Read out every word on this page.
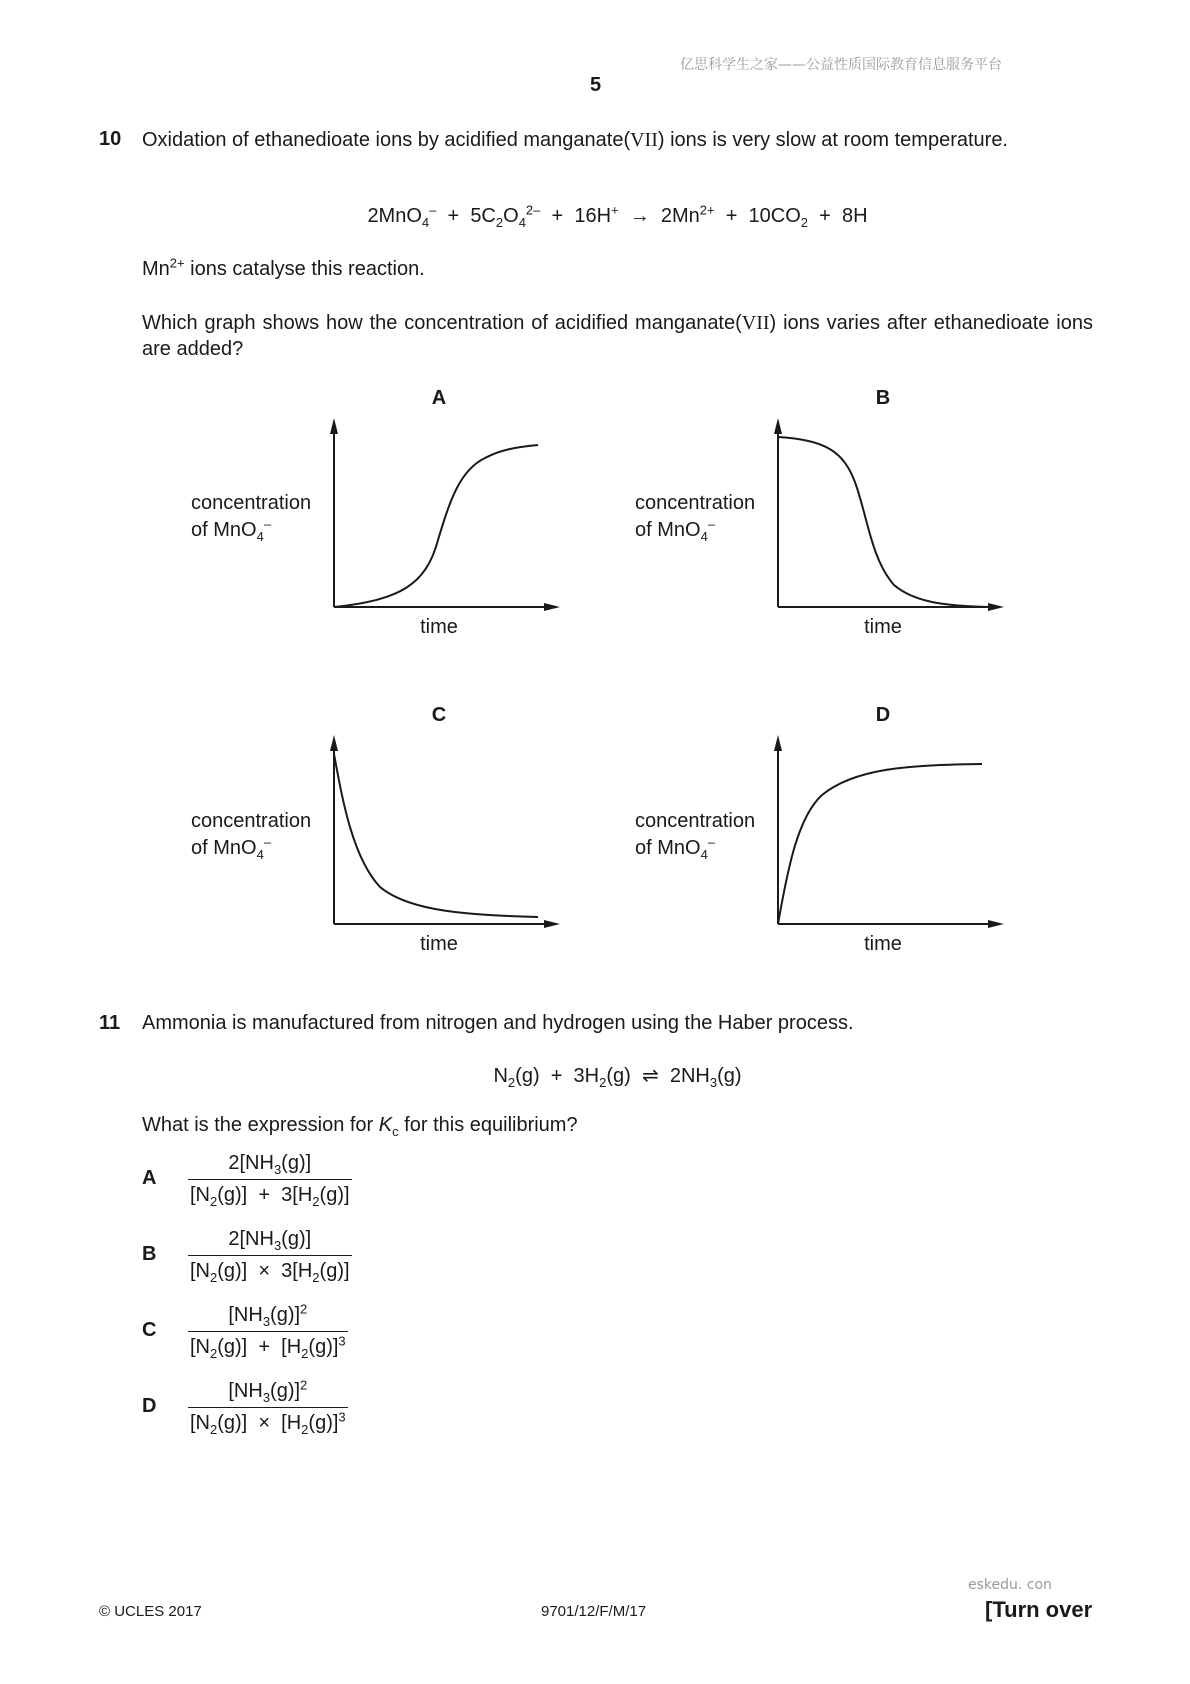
亿思科学生之家——公益性质国际教育信息服务平台
5
10 Oxidation of ethanedioate ions by acidified manganate(VII) ions is very slow at room temperature.
$2MnO_4^- + 5C_2O_4^{2-} + 16H^+ \to 2Mn^{2+} + 10CO_2 + 8H$
$Mn^{2+}$ ions catalyse this reaction.
Which graph shows how the concentration of acidified manganate(VII) ions varies after ethanedioate ions are added?
A
concentration
of MnO$_4$–
time
B
concentration
of MnO$_4$–
time
C
concentration
of MnO$_4$–
time
D
concentration
of MnO$_4$–
time
11 Ammonia is manufactured from nitrogen and hydrogen using the Haber process.
$N_2(g) + 3H_2(g)$ ⇌ $2NH_3(g)$
What is the expression for $K_c$ for this equilibrium?
A $\frac{2[NH_3(g)]}{[N_2(g)] + 3[H_2(g)]}$
B $\frac{2[NH_3(g)]}{[N_2(g)] \times 3[H_2(g)]}$
C $\frac{[NH_3(g)]^2}{[N_2(g)] + [H_2(g)]^3}$
D $\frac{[NH_3(g)]^2}{[N_2(g)] \times [H_2(g)]^3}$
eskedu. con
© UCLES 2017	9701/12/F/M/17	[Turn over
